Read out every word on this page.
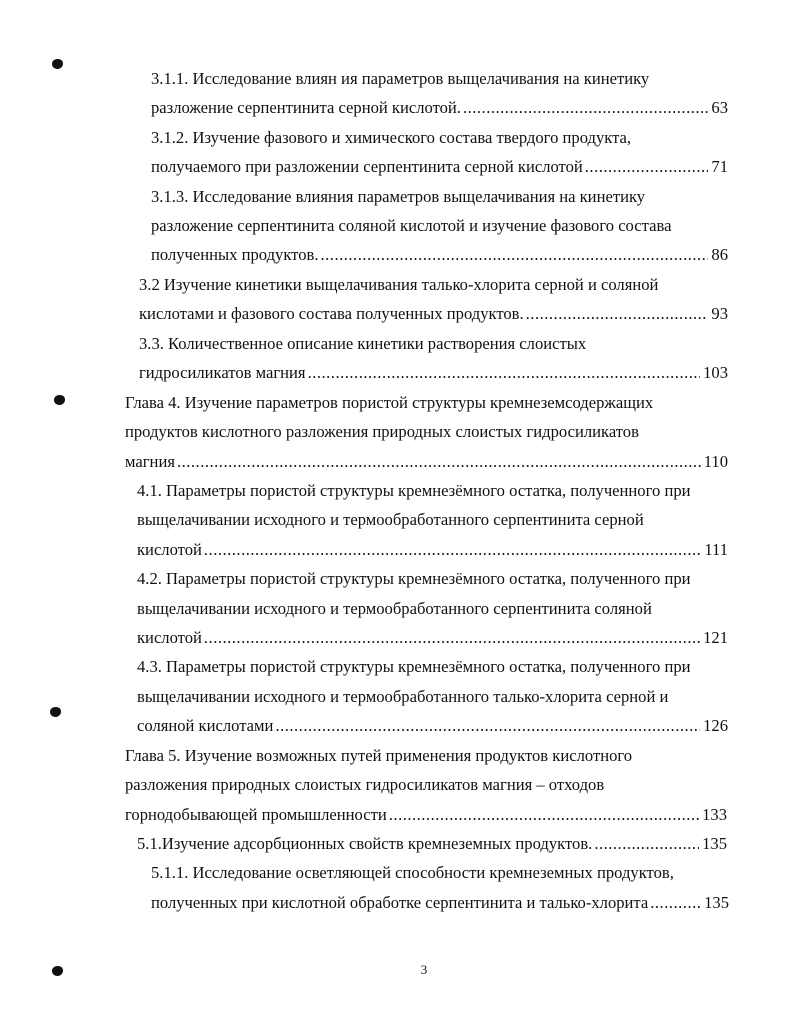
3.1.1. Исследование влиян ия параметров выщелачивания на кинетику
разложение серпентинита серной кислотой. .....	63
3.1.2. Изучение фазового и химического состава твердого продукта,
получаемого при разложении серпентинита серной кислотой .....	71
3.1.3. Исследование влияния параметров выщелачивания на кинетику
разложение серпентинита соляной кислотой и изучение фазового состава
полученных продуктов. .....	86
3.2 Изучение кинетики выщелачивания талько-хлорита серной и соляной
кислотами и фазового состава полученных продуктов. .....	93
3.3. Количественное описание кинетики растворения слоистых
гидросиликатов магния .....	103
Глава 4. Изучение параметров пористой структуры кремнеземсодержащих
продуктов кислотного разложения природных слоистых гидросиликатов
магния .....	110
4.1. Параметры пористой структуры кремнезёмного остатка, полученного при
выщелачивании исходного и термообработанного серпентинита серной
кислотой .....	111
4.2. Параметры пористой структуры кремнезёмного остатка, полученного при
выщелачивании исходного и термообработанного серпентинита соляной
кислотой .....	121
4.3. Параметры пористой структуры кремнезёмного остатка, полученного при
выщелачивании исходного и термообработанного талько-хлорита серной и
соляной кислотами .....	126
Глава 5. Изучение возможных путей применения продуктов кислотного
разложения природных слоистых гидросиликатов магния – отходов
горнодобывающей промышленности .....	133
5.1.Изучение адсорбционных свойств кремнеземных продуктов. .....	135
5.1.1. Исследование осветляющей способности кремнеземных продуктов,
полученных при кислотной обработке серпентинита и талько-хлорита .....	135
3
